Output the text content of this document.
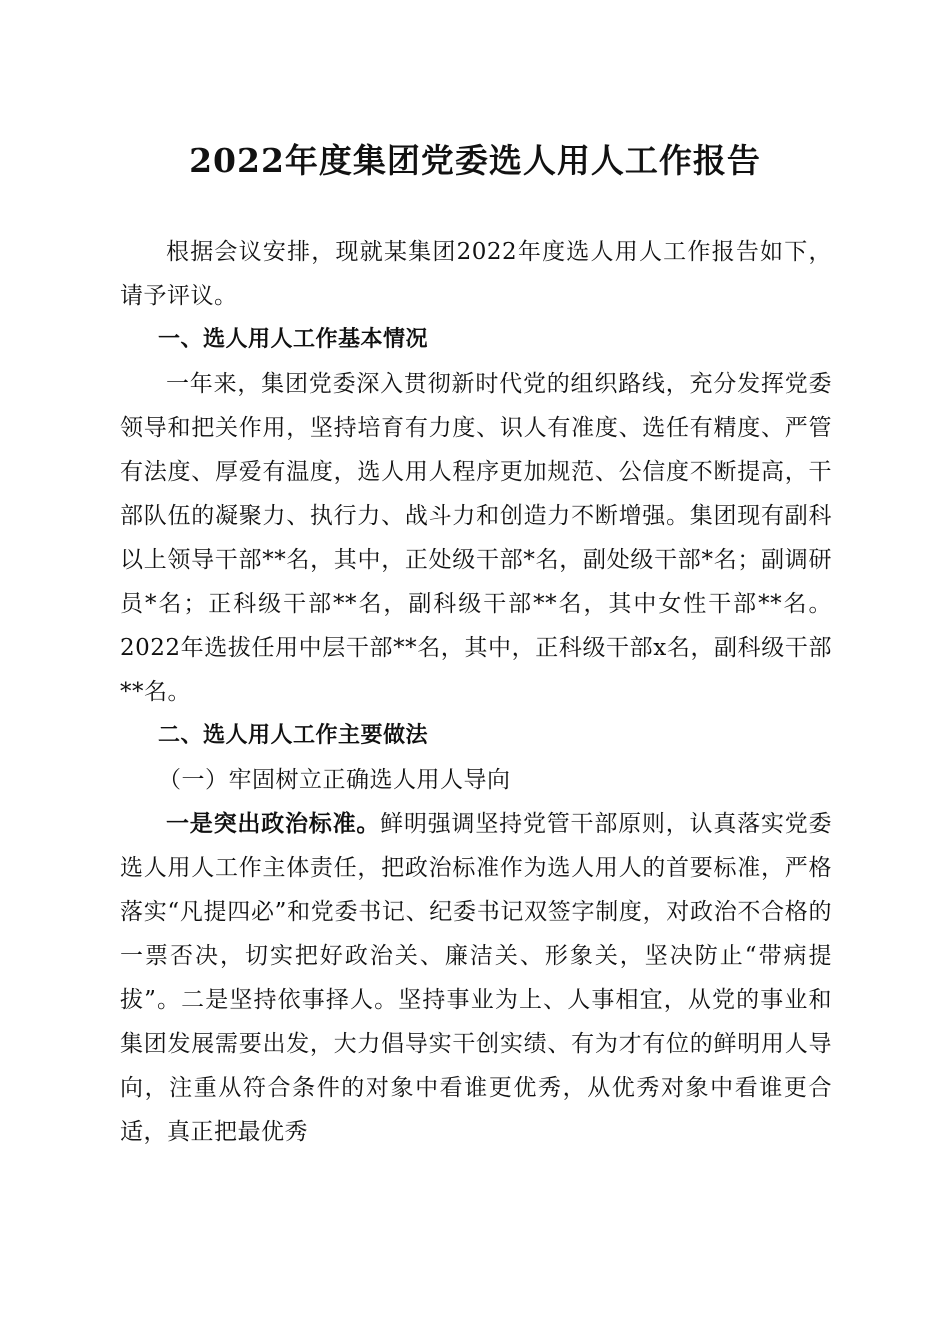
2022年度集团党委选人用人工作报告

根据会议安排，现就某集团2022年度选人用人工作报告如下，请予评议。

一、选人用人工作基本情况

一年来，集团党委深入贯彻新时代党的组织路线，充分发挥党委领导和把关作用，坚持培育有力度、识人有准度、选任有精度、严管有法度、厚爱有温度，选人用人程序更加规范、公信度不断提高，干部队伍的凝聚力、执行力、战斗力和创造力不断增强。集团现有副科以上领导干部**名，其中，正处级干部*名，副处级干部*名；副调研员*名；正科级干部**名，副科级干部**名，其中女性干部**名。2022年选拔任用中层干部**名，其中，正科级干部x名，副科级干部**名。

二、选人用人工作主要做法

（一）牢固树立正确选人用人导向

一是突出政治标准。鲜明强调坚持党管干部原则，认真落实党委选人用人工作主体责任，把政治标准作为选人用人的首要标准，严格落实“凡提四必”和党委书记、纪委书记双签字制度，对政治不合格的一票否决，切实把好政治关、廉洁关、形象关，坚决防止“带病提拔”。二是坚持依事择人。坚持事业为上、人事相宜，从党的事业和集团发展需要出发，大力倡导实干创实绩、有为才有位的鲜明用人导向，注重从符合条件的对象中看谁更优秀，从优秀对象中看谁更合适，真正把最优秀
